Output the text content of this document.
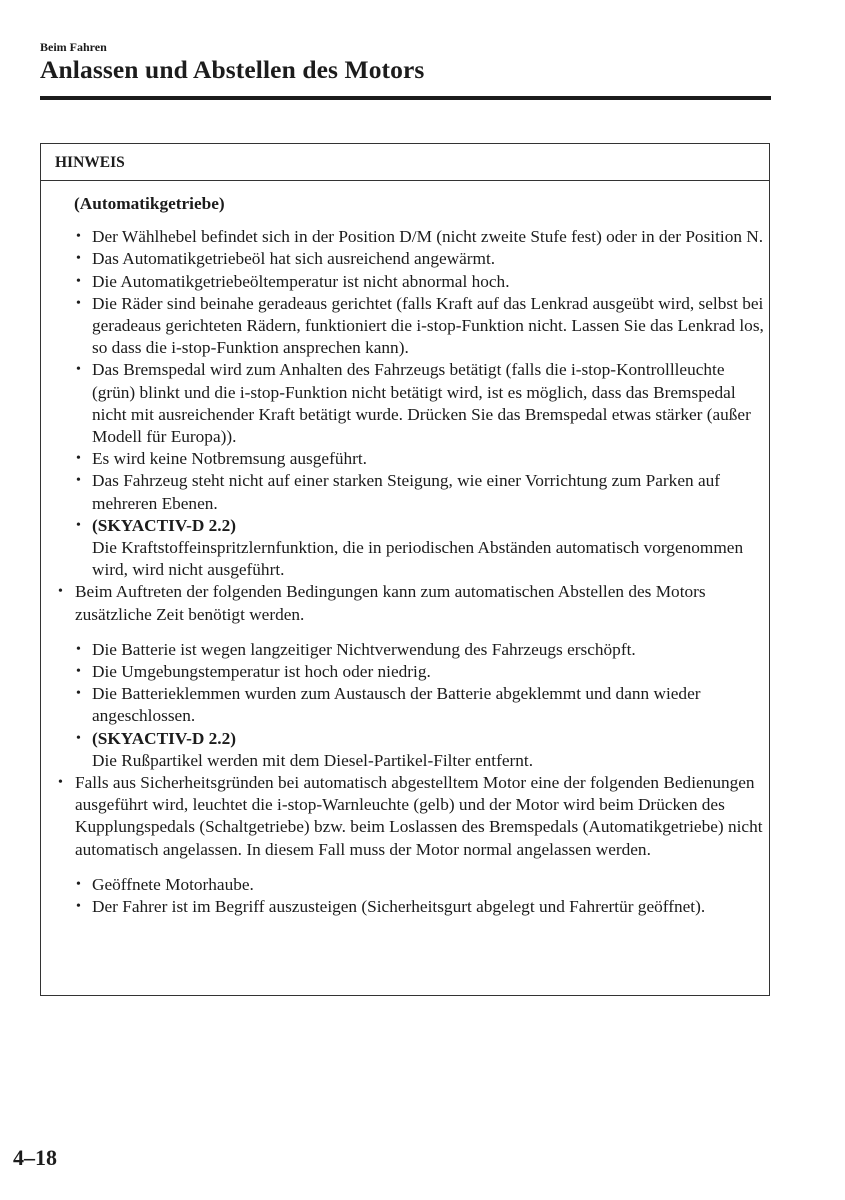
Beim Fahren
Anlassen und Abstellen des Motors
HINWEIS
(Automatikgetriebe)
• Der Wählhebel befindet sich in der Position D/M (nicht zweite Stufe fest) oder in der Position N.
• Das Automatikgetriebeöl hat sich ausreichend angewärmt.
• Die Automatikgetriebeöltemperatur ist nicht abnormal hoch.
• Die Räder sind beinahe geradeaus gerichtet (falls Kraft auf das Lenkrad ausgeübt wird, selbst bei geradeaus gerichteten Rädern, funktioniert die i-stop-Funktion nicht. Lassen Sie das Lenkrad los, so dass die i-stop-Funktion ansprechen kann).
• Das Bremspedal wird zum Anhalten des Fahrzeugs betätigt (falls die i-stop-Kontrollleuchte (grün) blinkt und die i-stop-Funktion nicht betätigt wird, ist es möglich, dass das Bremspedal nicht mit ausreichender Kraft betätigt wurde. Drücken Sie das Bremspedal etwas stärker (außer Modell für Europa)).
• Es wird keine Notbremsung ausgeführt.
• Das Fahrzeug steht nicht auf einer starken Steigung, wie einer Vorrichtung zum Parken auf mehreren Ebenen.
• (SKYACTIV-D 2.2)
Die Kraftstoffeinspritzlernfunktion, die in periodischen Abständen automatisch vorgenommen wird, wird nicht ausgeführt.
• Beim Auftreten der folgenden Bedingungen kann zum automatischen Abstellen des Motors zusätzliche Zeit benötigt werden.
• Die Batterie ist wegen langzeitiger Nichtverwendung des Fahrzeugs erschöpft.
• Die Umgebungstemperatur ist hoch oder niedrig.
• Die Batterieklemmen wurden zum Austausch der Batterie abgeklemmt und dann wieder angeschlossen.
• (SKYACTIV-D 2.2)
Die Rußpartikel werden mit dem Diesel-Partikel-Filter entfernt.
• Falls aus Sicherheitsgründen bei automatisch abgestelltem Motor eine der folgenden Bedienungen ausgeführt wird, leuchtet die i-stop-Warnleuchte (gelb) und der Motor wird beim Drücken des Kupplungspedals (Schaltgetriebe) bzw. beim Loslassen des Bremspedals (Automatikgetriebe) nicht automatisch angelassen. In diesem Fall muss der Motor normal angelassen werden.
• Geöffnete Motorhaube.
• Der Fahrer ist im Begriff auszusteigen (Sicherheitsgurt abgelegt und Fahrertür geöffnet).
4–18
